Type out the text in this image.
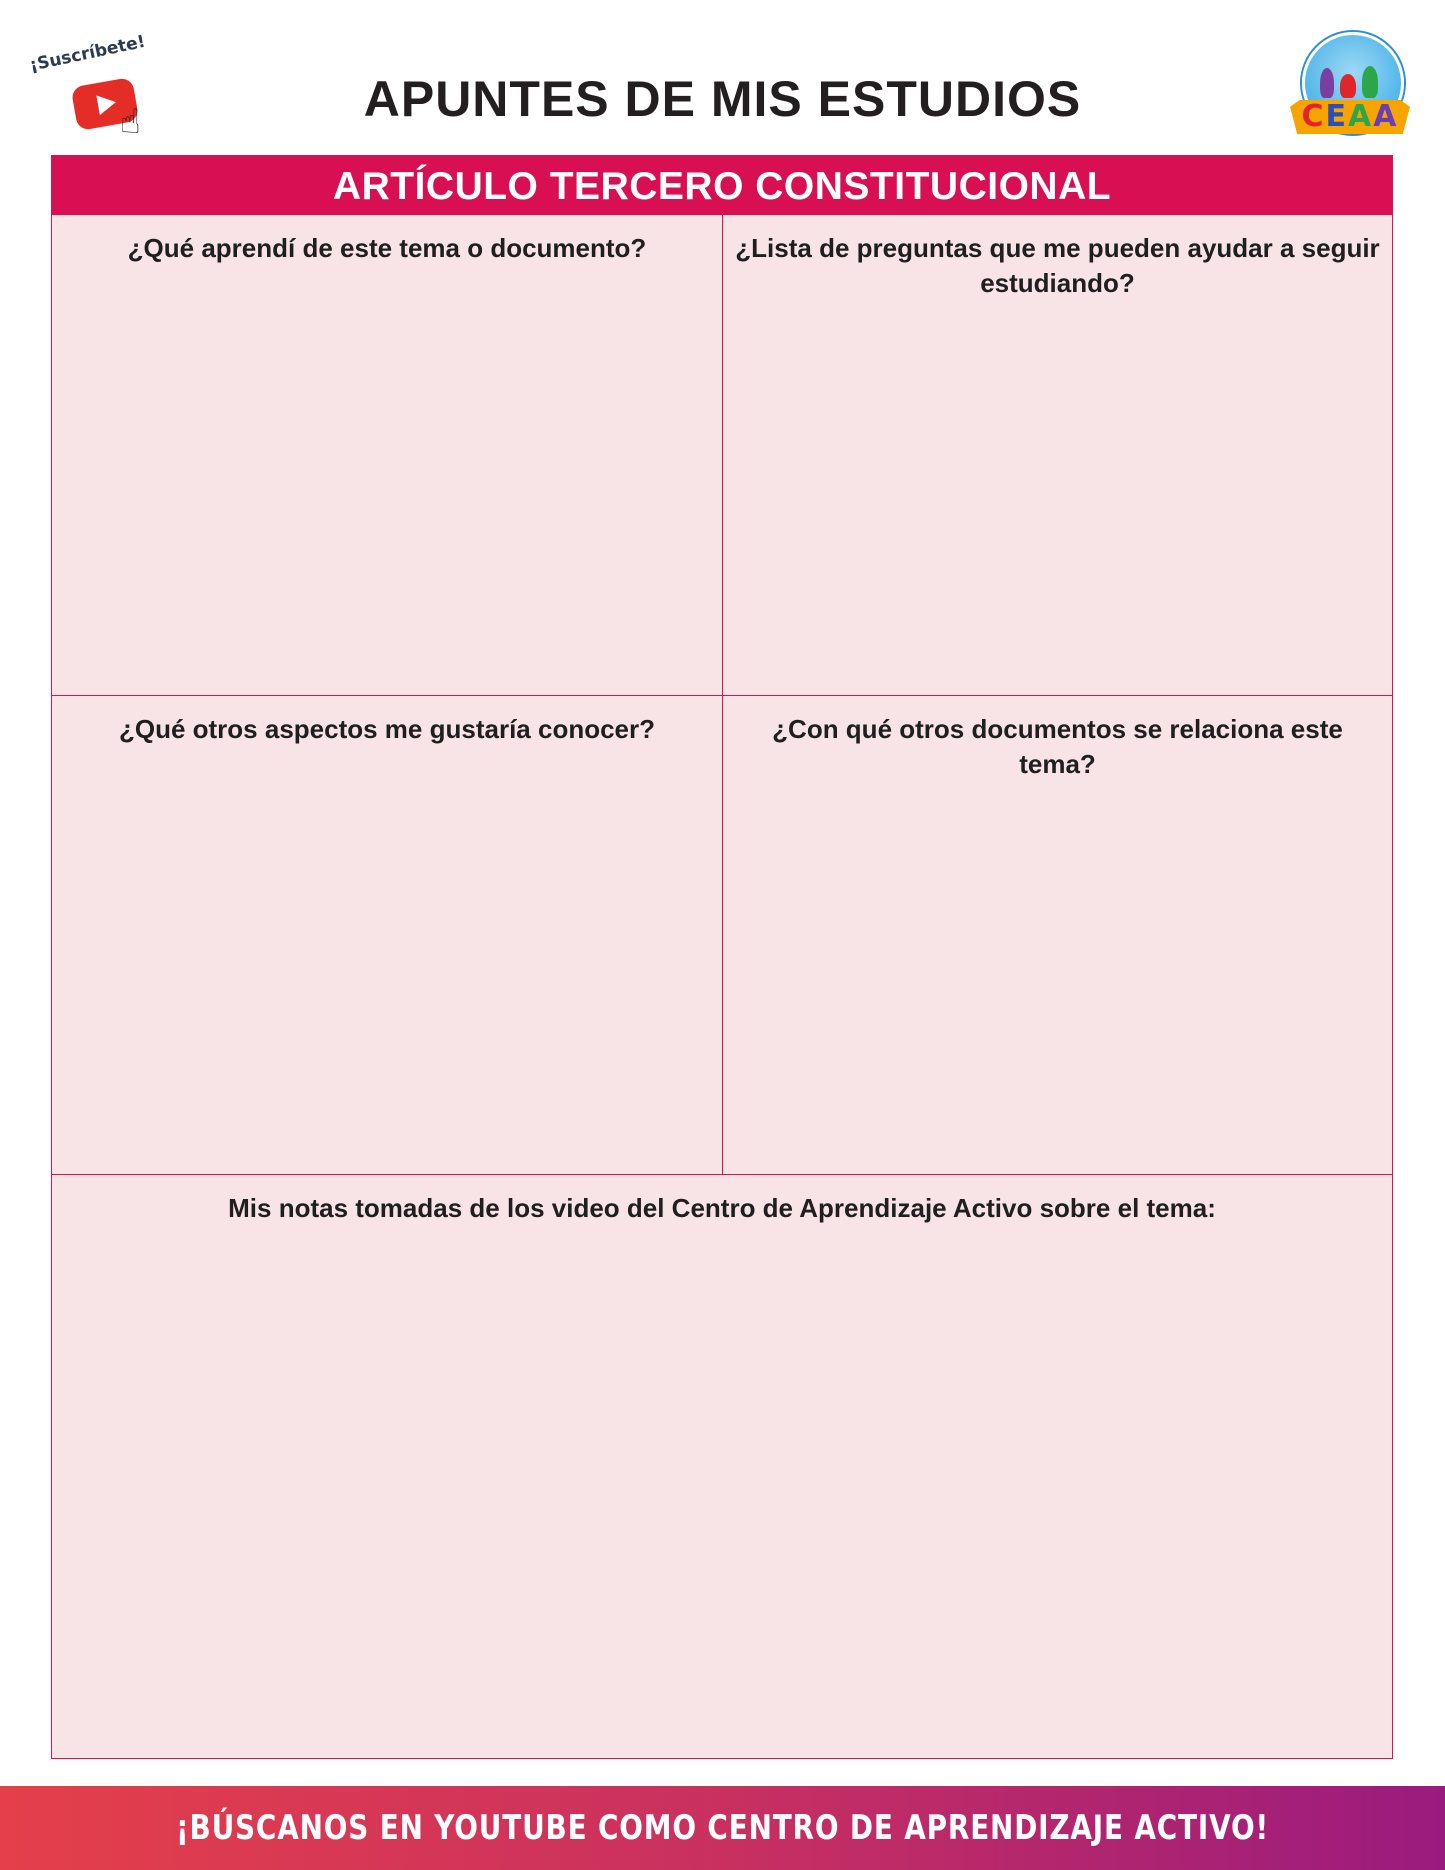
¡Suscríbete!
☝	APUNTES DE MIS ESTUDIOS	CEAA
ARTÍCULO TERCERO CONSTITUCIONAL
¿Qué aprendí de este tema o documento?	¿Lista de preguntas que me pueden ayudar a seguir estudiando?
¿Qué otros aspectos me gustaría conocer?	¿Con qué otros documentos se relaciona este tema?
Mis notas tomadas de los video del Centro de Aprendizaje Activo sobre el tema:
¡BÚSCANOS EN YOUTUBE COMO CENTRO DE APRENDIZAJE ACTIVO!
